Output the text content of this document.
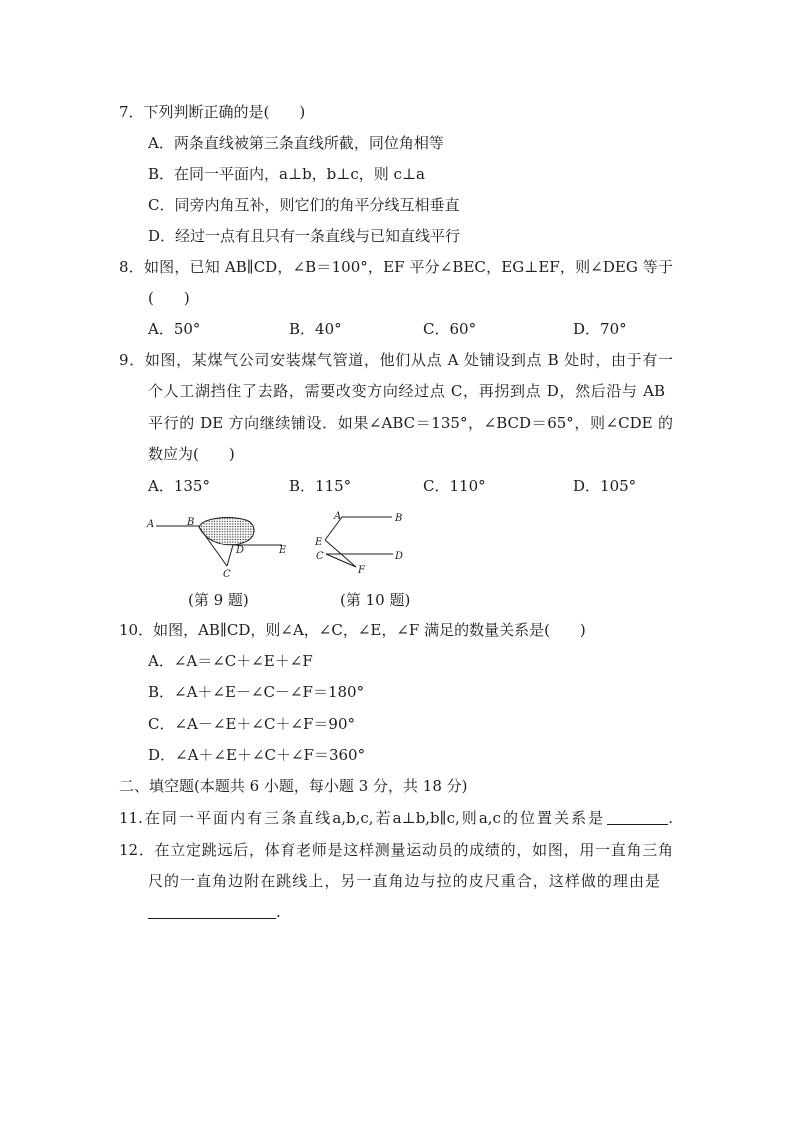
7．下列判断正确的是(　　)
A．两条直线被第三条直线所截，同位角相等
B．在同一平面内，a⊥b，b⊥c，则 c⊥a
C．同旁内角互补，则它们的角平分线互相垂直
D．经过一点有且只有一条直线与已知直线平行
8．如图，已知 AB∥CD，∠B＝100°，EF 平分∠BEC，EG⊥EF，则∠DEG 等于
(　　)
A．50°	B．40°	C．60°	D．70°
9．如图，某煤气公司安装煤气管道，他们从点 A 处铺设到点 B 处时，由于有一
个人工湖挡住了去路，需要改变方向经过点 C，再拐到点 D，然后沿与 AB
平行的 DE 方向继续铺设．如果∠ABC＝135°，∠BCD＝65°，则∠CDE 的
数应为(　　)
A．135°	B．115°	C．110°	D．105°
A	B
C
D	E
A	B
E
C	D
F
(第 9 题)	(第 10 题)
10．如图，AB∥CD，则∠A，∠C，∠E，∠F 满足的数量关系是(　　)
A．∠A＝∠C＋∠E＋∠F
B．∠A＋∠E－∠C－∠F＝180°
C．∠A－∠E＋∠C＋∠F＝90°
D．∠A＋∠E＋∠C＋∠F＝360°
二、填空题(本题共 6 小题，每小题 3 分，共 18 分)
11.在同一平面内有三条直线a,b,c,若a⊥b,b∥c,则a,c的位置关系是	.
12．在立定跳远后，体育老师是这样测量运动员的成绩的，如图，用一直角三角
尺的一直角边附在跳线上，另一直角边与拉的皮尺重合，这样做的理由是
.
